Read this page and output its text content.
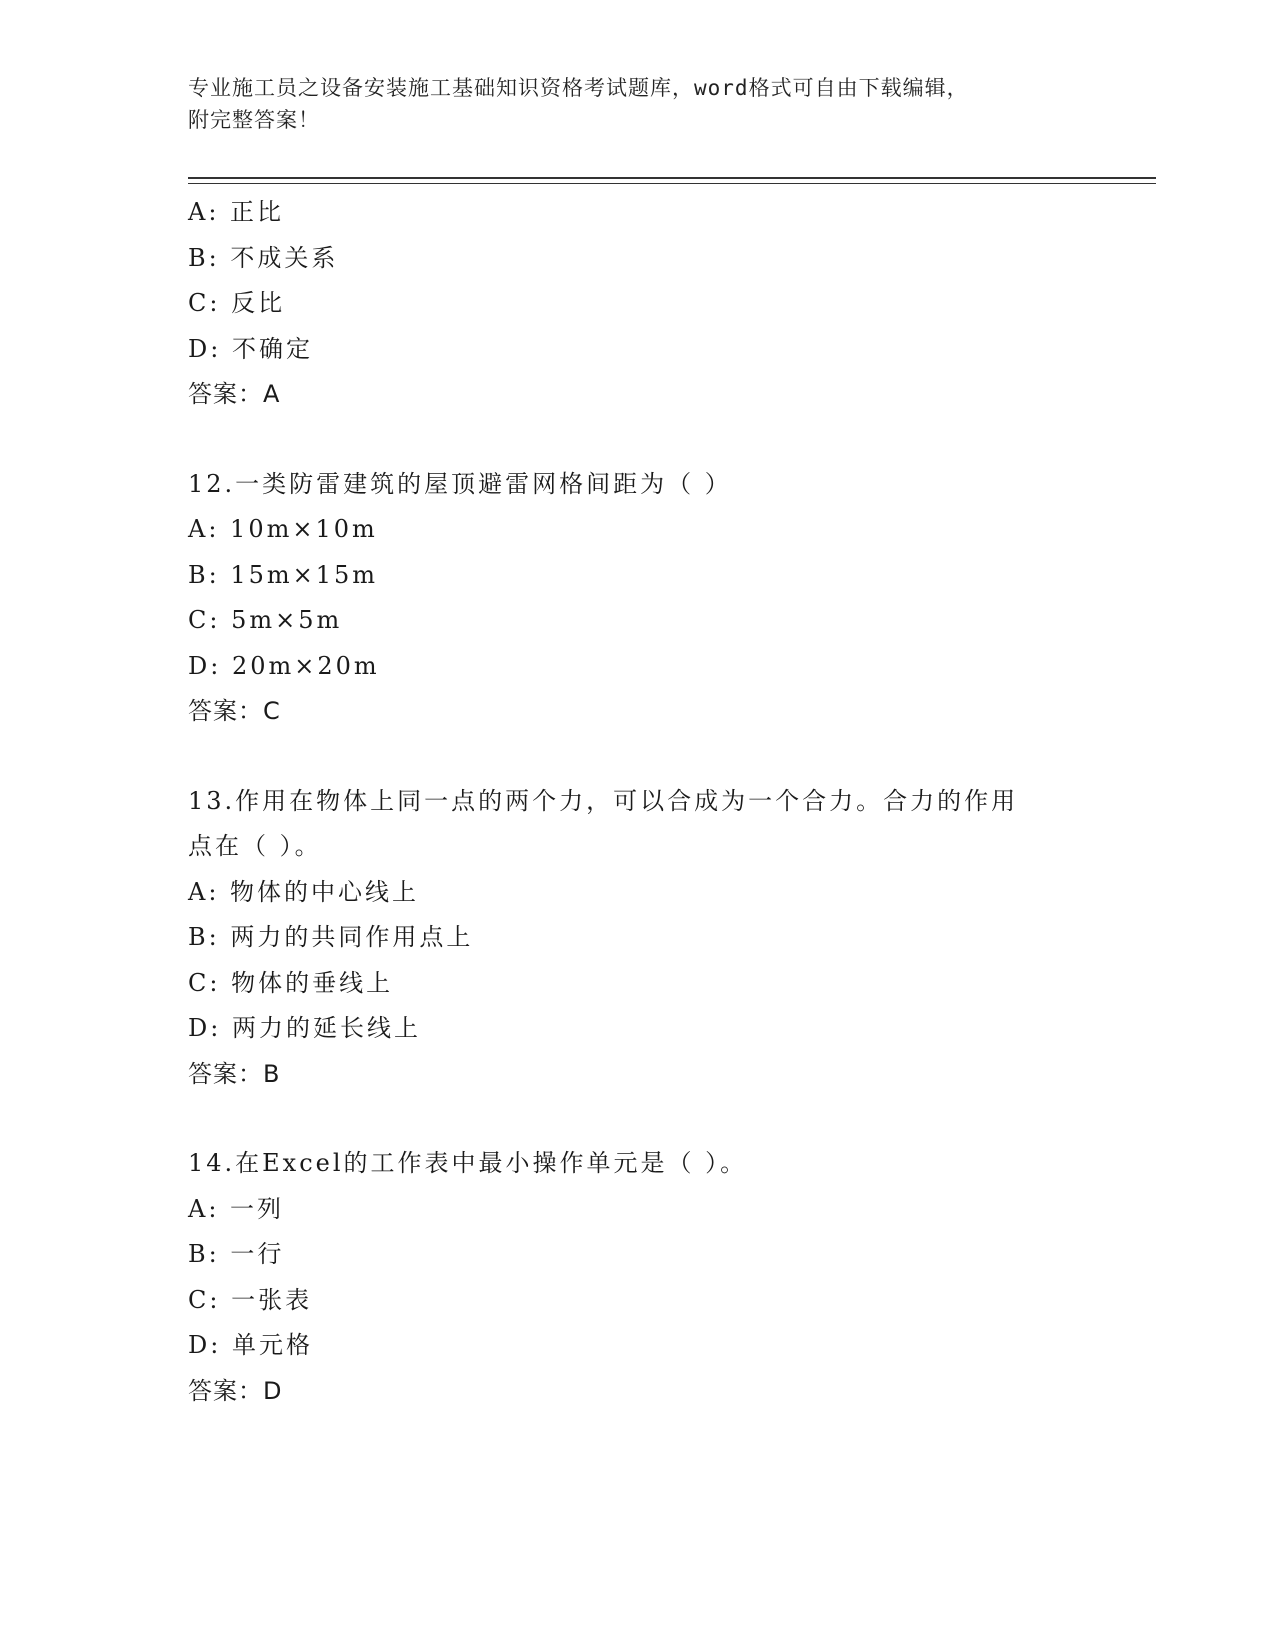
专业施工员之设备安装施工基础知识资格考试题库，word格式可自由下载编辑，
附完整答案！
A: 正比
B: 不成关系
C: 反比
D: 不确定
答案：A
12.一类防雷建筑的屋顶避雷网格间距为（ ）
A: 10m×10m
B: 15m×15m
C: 5m×5m
D: 20m×20m
答案：C
13.作用在物体上同一点的两个力，可以合成为一个合力。合力的作用
点在（ ）。
A: 物体的中心线上
B: 两力的共同作用点上
C: 物体的垂线上
D: 两力的延长线上
答案：B
14.在Excel的工作表中最小操作单元是（ ）。
A: 一列
B: 一行
C: 一张表
D: 单元格
答案：D
